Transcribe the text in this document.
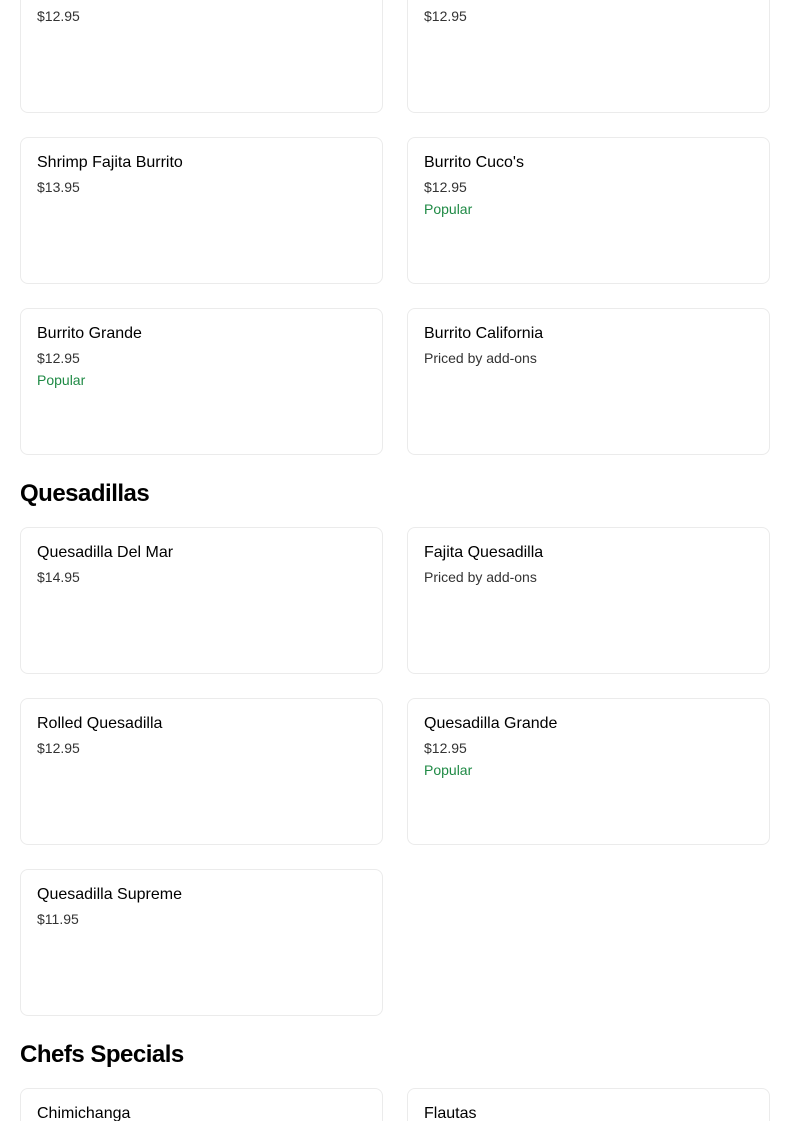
$12.95	$12.95
Shrimp Fajita Burrito
$13.95
Burrito Cuco's
$12.95
Popular
Burrito Grande
$12.95
Popular
Burrito California
Priced by add-ons
Quesadillas
Quesadilla Del Mar
$14.95
Fajita Quesadilla
Priced by add-ons
Rolled Quesadilla
$12.95
Quesadilla Grande
$12.95
Popular
Quesadilla Supreme
$11.95
Chefs Specials
Chimichanga	Flautas
